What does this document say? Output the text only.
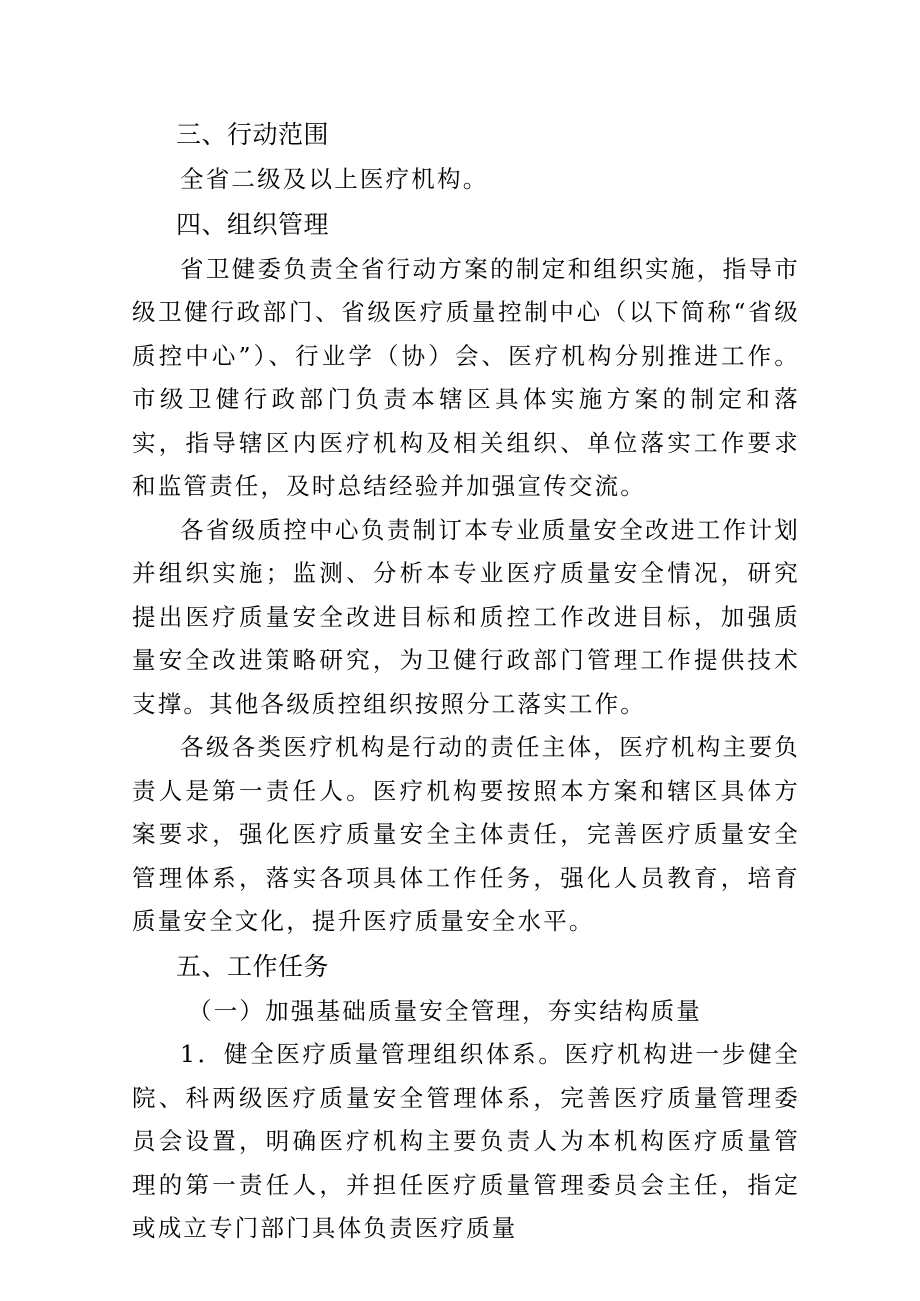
三、行动范围

全省二级及以上医疗机构。

四、组织管理

省卫健委负责全省行动方案的制定和组织实施，指导市级卫健行政部门、省级医疗质量控制中心（以下简称“省级质控中心”）、行业学（协）会、医疗机构分别推进工作。市级卫健行政部门负责本辖区具体实施方案的制定和落实，指导辖区内医疗机构及相关组织、单位落实工作要求和监管责任，及时总结经验并加强宣传交流。

各省级质控中心负责制订本专业质量安全改进工作计划并组织实施；监测、分析本专业医疗质量安全情况，研究提出医疗质量安全改进目标和质控工作改进目标，加强质量安全改进策略研究，为卫健行政部门管理工作提供技术支撑。其他各级质控组织按照分工落实工作。

各级各类医疗机构是行动的责任主体，医疗机构主要负责人是第一责任人。医疗机构要按照本方案和辖区具体方案要求，强化医疗质量安全主体责任，完善医疗质量安全管理体系，落实各项具体工作任务，强化人员教育，培育质量安全文化，提升医疗质量安全水平。

五、工作任务

（一）加强基础质量安全管理，夯实结构质量

1．健全医疗质量管理组织体系。医疗机构进一步健全院、科两级医疗质量安全管理体系，完善医疗质量管理委员会设置，明确医疗机构主要负责人为本机构医疗质量管理的第一责任人，并担任医疗质量管理委员会主任，指定或成立专门部门具体负责医疗质量
